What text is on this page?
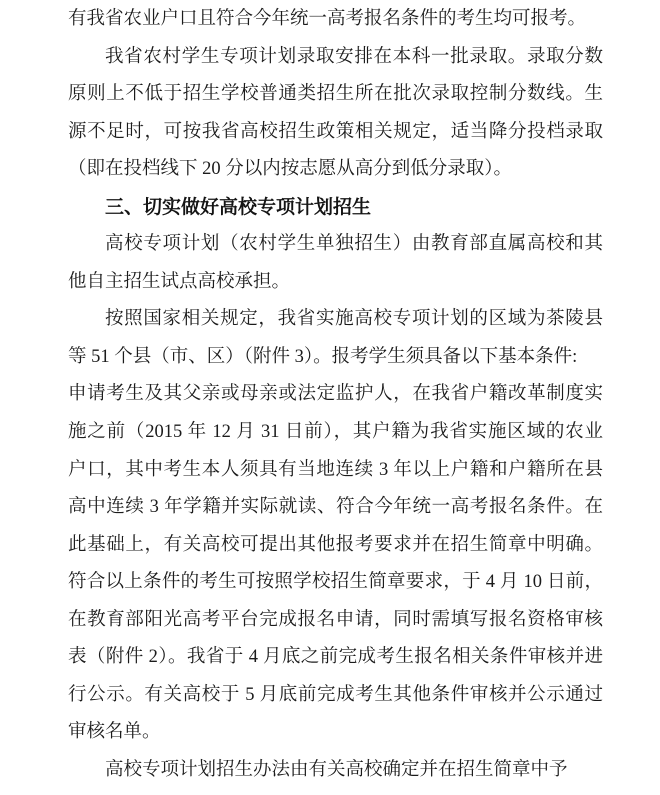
有我省农业户口且符合今年统一高考报名条件的考生均可报考。
我省农村学生专项计划录取安排在本科一批录取。录取分数
原则上不低于招生学校普通类招生所在批次录取控制分数线。生
源不足时，可按我省高校招生政策相关规定，适当降分投档录取
（即在投档线下 20 分以内按志愿从高分到低分录取）。
三、切实做好高校专项计划招生
高校专项计划（农村学生单独招生）由教育部直属高校和其
他自主招生试点高校承担。
按照国家相关规定，我省实施高校专项计划的区域为茶陵县
等 51 个县（市、区）（附件 3）。报考学生须具备以下基本条件:
申请考生及其父亲或母亲或法定监护人，在我省户籍改革制度实
施之前（2015 年 12 月 31 日前），其户籍为我省实施区域的农业
户口，其中考生本人须具有当地连续 3 年以上户籍和户籍所在县
高中连续 3 年学籍并实际就读、符合今年统一高考报名条件。在
此基础上，有关高校可提出其他报考要求并在招生简章中明确。
符合以上条件的考生可按照学校招生简章要求，于 4 月 10 日前，
在教育部阳光高考平台完成报名申请，同时需填写报名资格审核
表（附件 2）。我省于 4 月底之前完成考生报名相关条件审核并进
行公示。有关高校于 5 月底前完成考生其他条件审核并公示通过
审核名单。
高校专项计划招生办法由有关高校确定并在招生简章中予
